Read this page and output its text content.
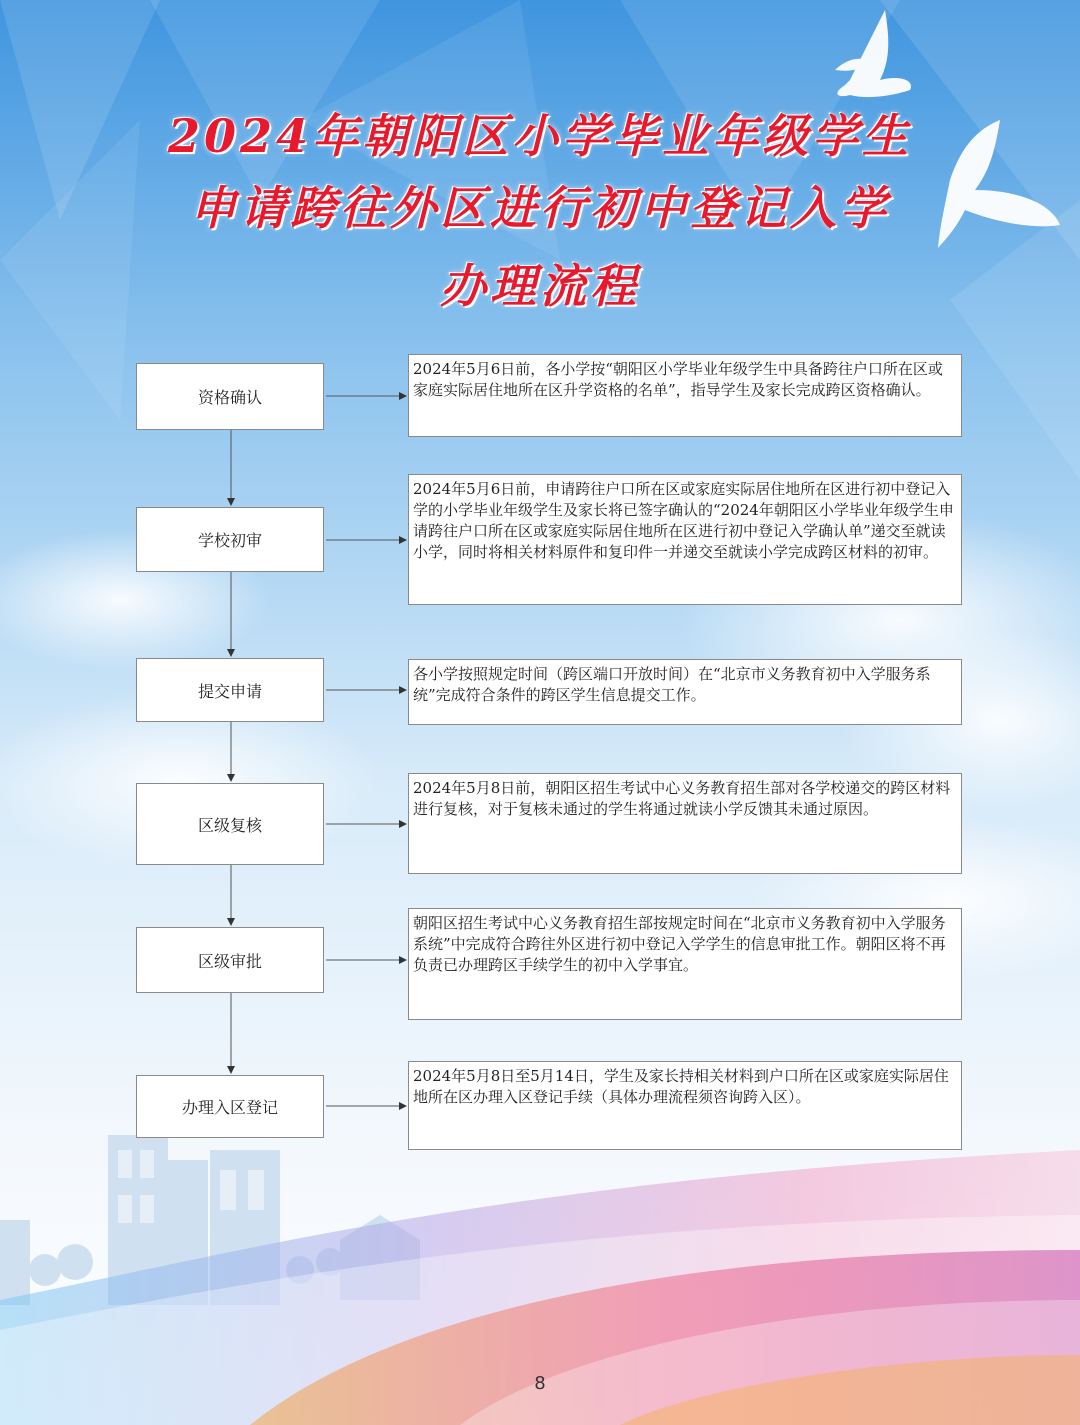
2024年朝阳区小学毕业年级学生
申请跨往外区进行初中登记入学
办理流程
资格确认
学校初审
提交申请
区级复核
区级审批
办理入区登记
2024年5月6日前，各小学按“朝阳区小学毕业年级学生中具备跨往户口所在区或家庭实际居住地所在区升学资格的名单”，指导学生及家长完成跨区资格确认。
2024年5月6日前，申请跨往户口所在区或家庭实际居住地所在区进行初中登记入学的小学毕业年级学生及家长将已签字确认的“2024年朝阳区小学毕业年级学生申请跨往户口所在区或家庭实际居住地所在区进行初中登记入学确认单”递交至就读小学，同时将相关材料原件和复印件一并递交至就读小学完成跨区材料的初审。
各小学按照规定时间（跨区端口开放时间）在“北京市义务教育初中入学服务系统”完成符合条件的跨区学生信息提交工作。
2024年5月8日前，朝阳区招生考试中心义务教育招生部对各学校递交的跨区材料进行复核，对于复核未通过的学生将通过就读小学反馈其未通过原因。
朝阳区招生考试中心义务教育招生部按规定时间在“北京市义务教育初中入学服务系统”中完成符合跨往外区进行初中登记入学学生的信息审批工作。朝阳区将不再负责已办理跨区手续学生的初中入学事宜。
2024年5月8日至5月14日，学生及家长持相关材料到户口所在区或家庭实际居住地所在区办理入区登记手续（具体办理流程须咨询跨入区）。
8
